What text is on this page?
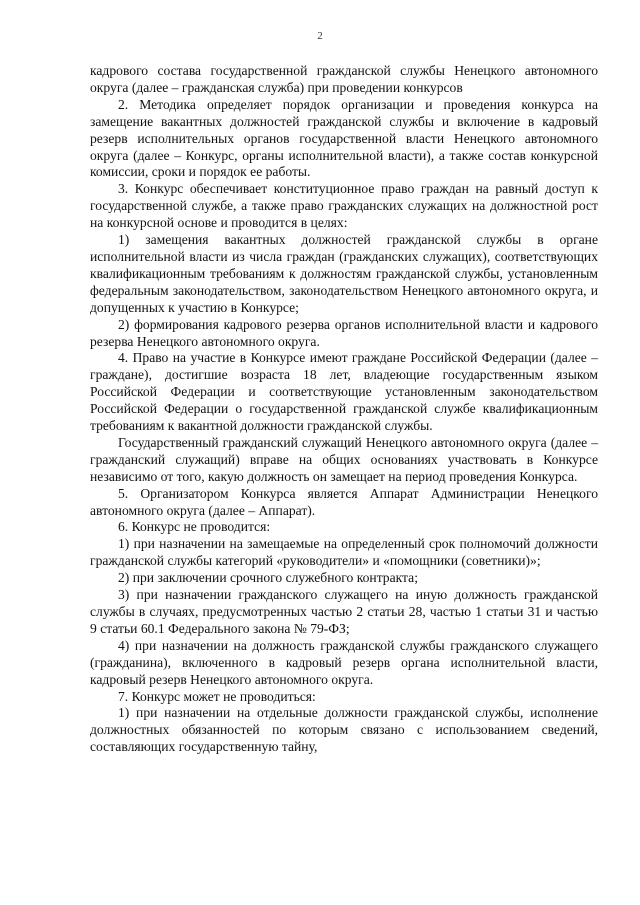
2

кадрового состава государственной гражданской службы Ненецкого автономного округа (далее – гражданская служба) при проведении конкурсов

2. Методика определяет порядок организации и проведения конкурса на замещение вакантных должностей гражданской службы и включение в кадровый резерв исполнительных органов государственной власти Ненецкого автономного округа (далее – Конкурс, органы исполнительной власти), а также состав конкурсной комиссии, сроки и порядок ее работы.

3. Конкурс обеспечивает конституционное право граждан на равный доступ к государственной службе, а также право гражданских служащих на должностной рост на конкурсной основе и проводится в целях:

1) замещения вакантных должностей гражданской службы в органе исполнительной власти из числа граждан (гражданских служащих), соответствующих квалификационным требованиям к должностям гражданской службы, установленным федеральным законодательством, законодательством Ненецкого автономного округа, и допущенных к участию в Конкурсе;

2) формирования кадрового резерва органов исполнительной власти и кадрового резерва Ненецкого автономного округа.

4. Право на участие в Конкурсе имеют граждане Российской Федерации (далее – граждане), достигшие возраста 18 лет, владеющие государственным языком Российской Федерации и соответствующие установленным законодательством Российской Федерации о государственной гражданской службе квалификационным требованиям к вакантной должности гражданской службы.

Государственный гражданский служащий Ненецкого автономного округа (далее – гражданский служащий) вправе на общих основаниях участвовать в Конкурсе независимо от того, какую должность он замещает на период проведения Конкурса.

5. Организатором Конкурса является Аппарат Администрации Ненецкого автономного округа (далее – Аппарат).

6. Конкурс не проводится:

1) при назначении на замещаемые на определенный срок полномочий должности гражданской службы категорий «руководители» и «помощники (советники)»;

2) при заключении срочного служебного контракта;

3) при назначении гражданского служащего на иную должность гражданской службы в случаях, предусмотренных частью 2 статьи 28, частью 1 статьи 31 и частью 9 статьи 60.1 Федерального закона № 79-ФЗ;

4) при назначении на должность гражданской службы гражданского служащего (гражданина), включенного в кадровый резерв органа исполнительной власти, кадровый резерв Ненецкого автономного округа.

7. Конкурс может не проводиться:

1) при назначении на отдельные должности гражданской службы, исполнение должностных обязанностей по которым связано с использованием сведений, составляющих государственную тайну,
